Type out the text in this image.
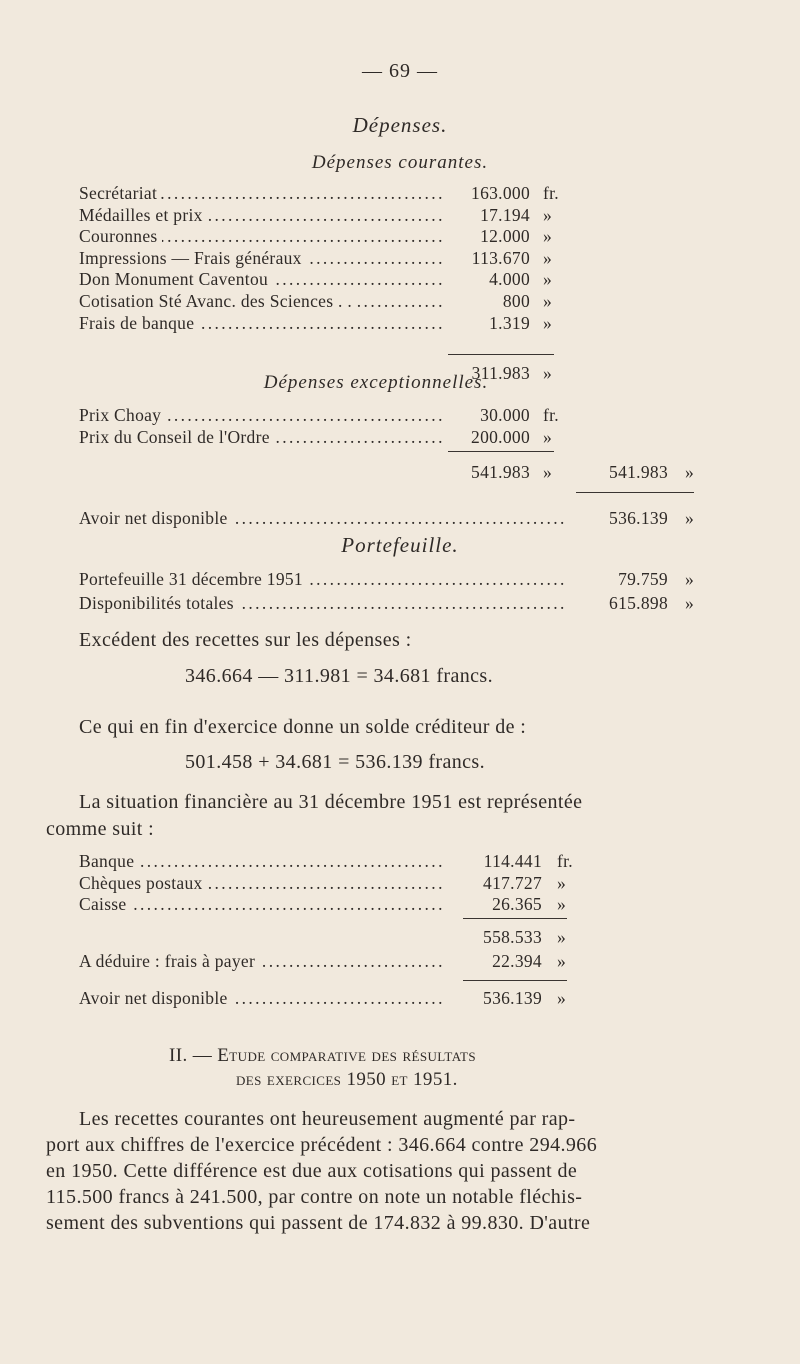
— 69 —
Dépenses.
Dépenses courantes.
..... Secrétariat	163.000 fr.
..... Médailles et prix	17.194 »
..... Couronnes	12.000 »
..... Impressions — Frais généraux	113.670 »
..... Don Monument Caventou	4.000 »
..... Cotisation Sté Avanc. des Sciences . .	800 »
..... Frais de banque	1.319 »
311.983 »
Dépenses exceptionnelles.
..... Prix Choay	30.000 fr.
..... Prix du Conseil de l'Ordre	200.000 »
541.983 »	541.983 »
..... Avoir net disponible	536.139 »
Portefeuille.
..... Portefeuille 31 décembre 1951	79.759 »
..... Disponibilités totales	615.898 »
Excédent des recettes sur les dépenses :
346.664 — 311.981 = 34.681 francs.
Ce qui en fin d'exercice donne un solde créditeur de :
501.458 + 34.681 = 536.139 francs.
La situation financière au 31 décembre 1951 est représentée
comme suit :
..... Banque	114.441 fr.
..... Chèques postaux	417.727 »
..... Caisse	26.365 »
558.533 »
..... A déduire : frais à payer	22.394 »
..... Avoir net disponible	536.139 »
II. — Etude comparative des résultats
des exercices 1950 et 1951.
Les recettes courantes ont heureusement augmenté par rap-
port aux chiffres de l'exercice précédent : 346.664 contre 294.966
en 1950. Cette différence est due aux cotisations qui passent de
115.500 francs à 241.500, par contre on note un notable fléchis-
sement des subventions qui passent de 174.832 à 99.830. D'autre
